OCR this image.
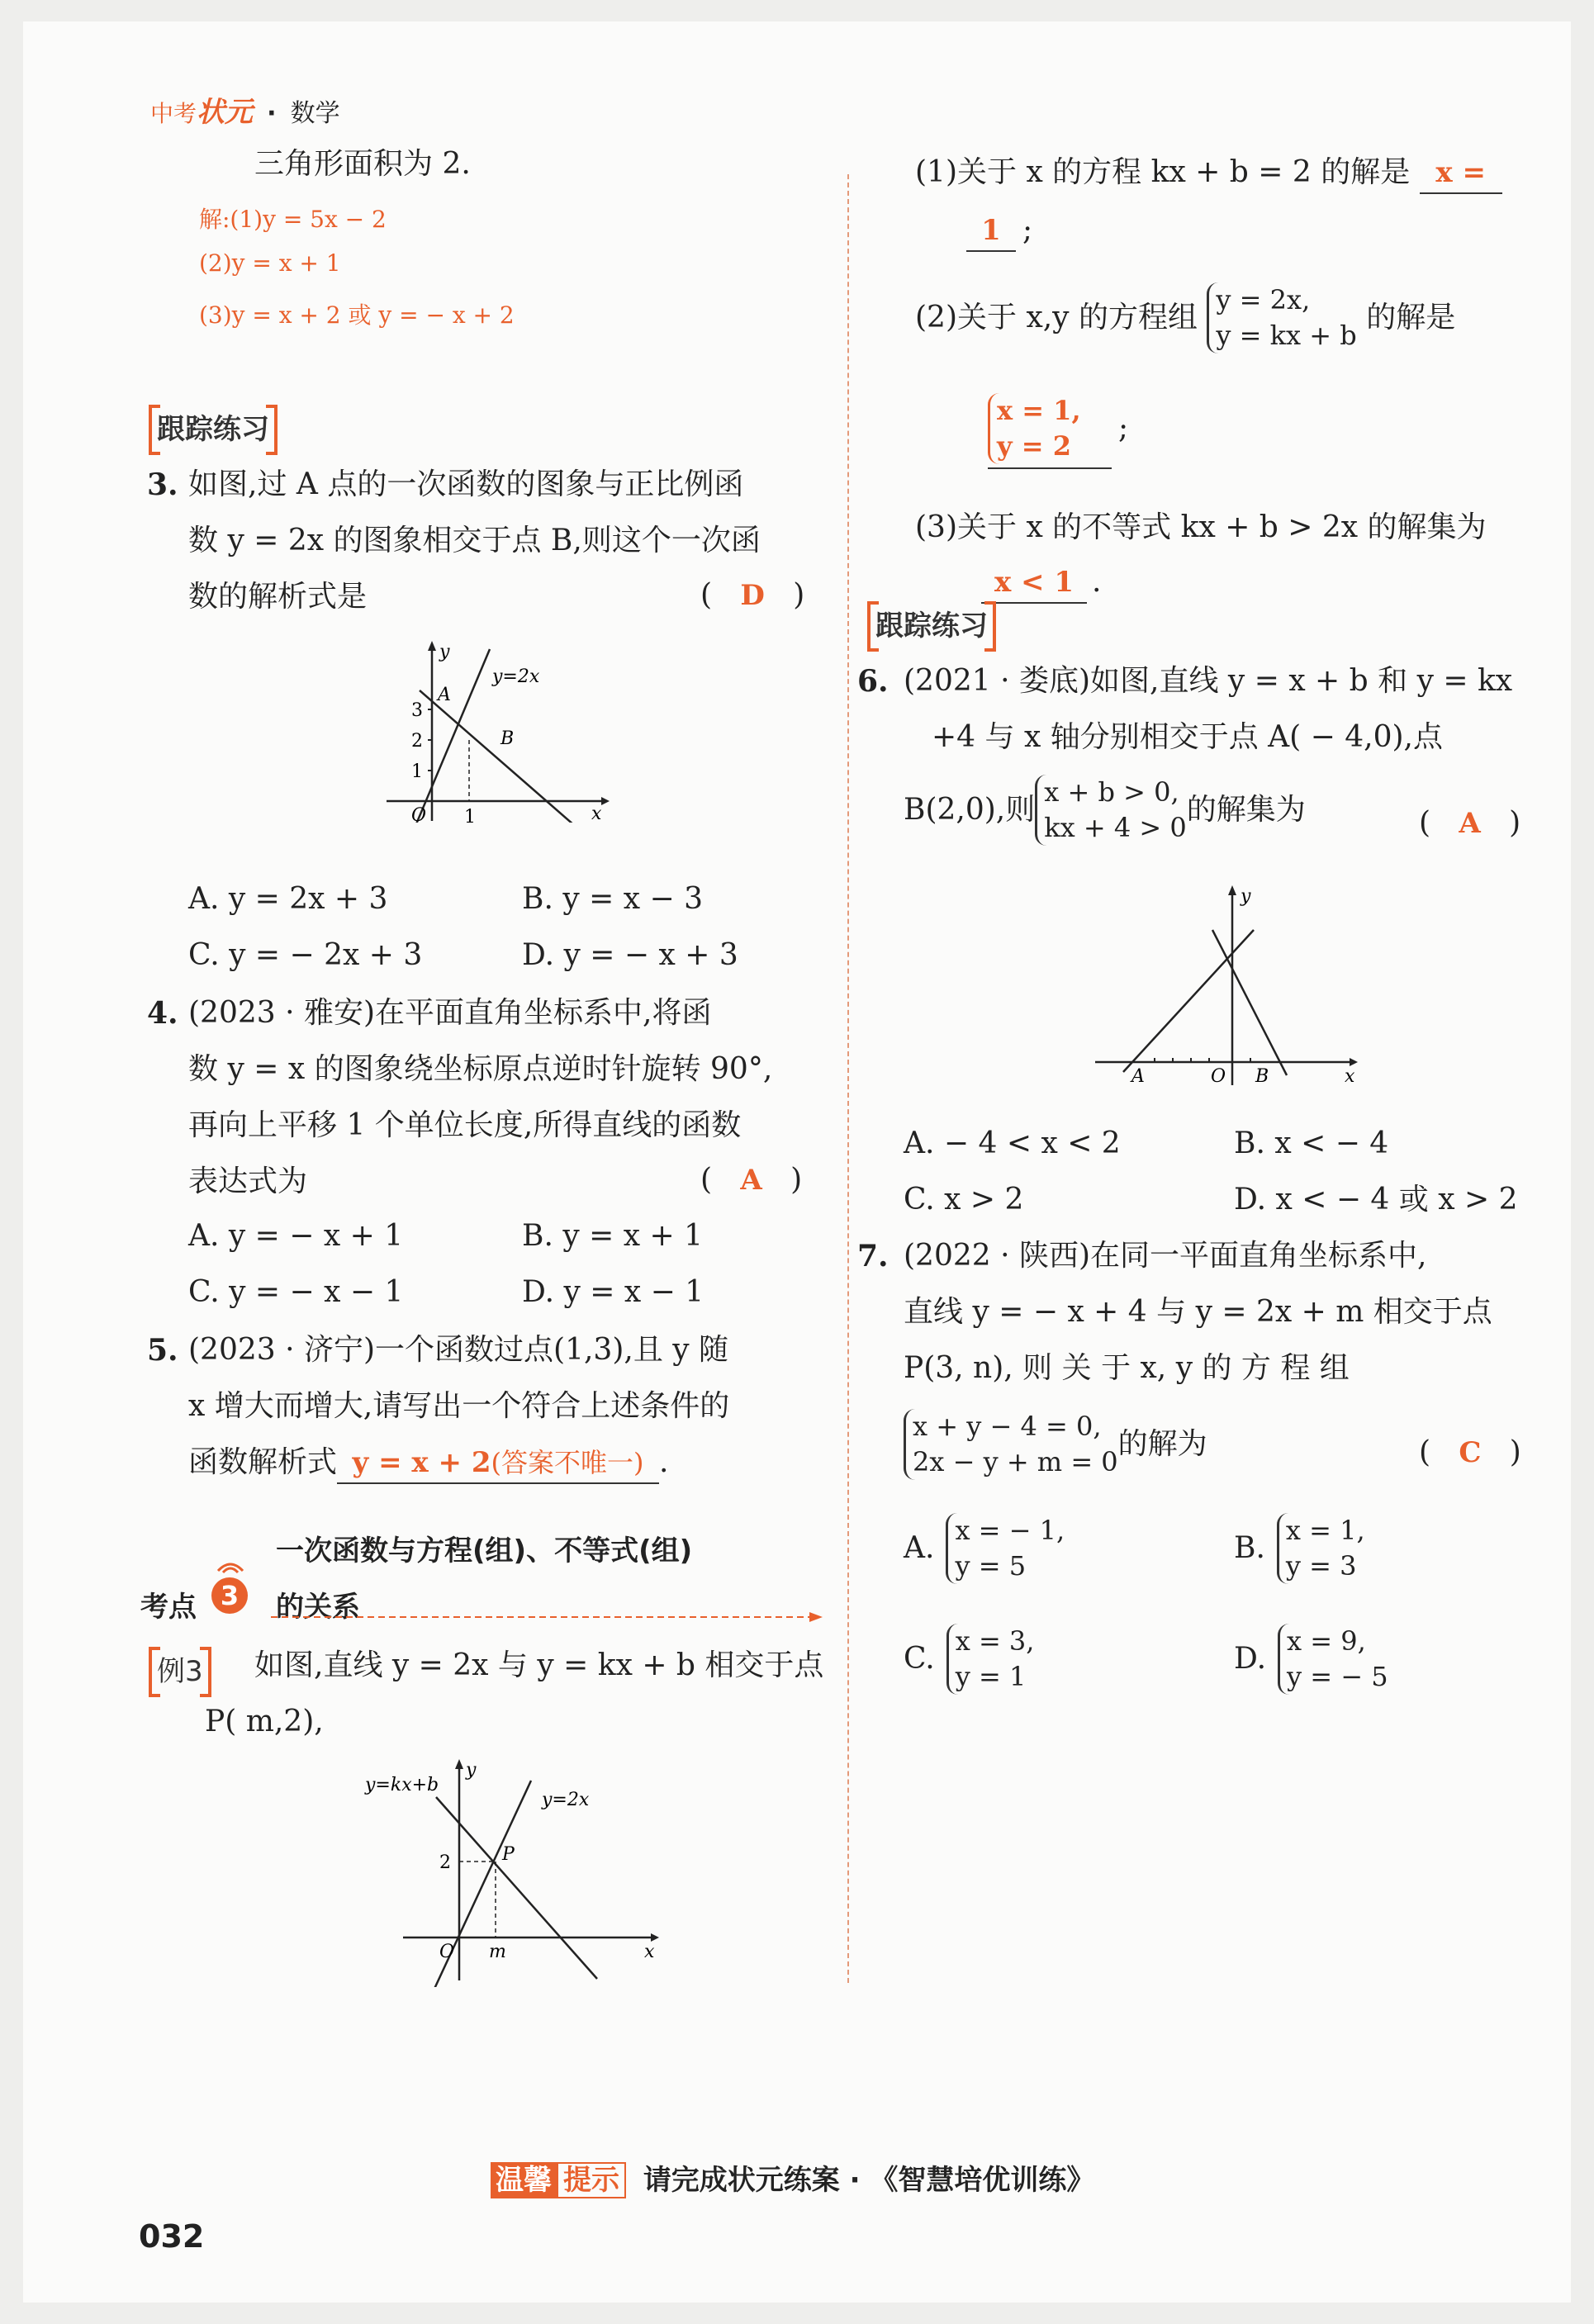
中考状元 · 数学
三角形面积为 2.
解:(1)y = 5x − 2
(2)y = x + 1
(3)y = x + 2 或 y = − x + 2
跟踪练习
3. 如图,过 A 点的一次函数的图象与正比例函
数 y = 2x 的图象相交于点 B,则这个一次函
数的解析式是	(   D   )
y
x
y=2x
A
B
O
3
2
1
1
A. y = 2x + 3	B. y = x − 3
C. y = − 2x + 3	D. y = − x + 3
4. (2023 · 雅安)在平面直角坐标系中,将函
数 y = x 的图象绕坐标原点逆时针旋转 90°,
再向上平移 1 个单位长度,所得直线的函数
表达式为	(   A   )
A. y = − x + 1	B. y = x + 1
C. y = − x − 1	D. y = x − 1
5. (2023 · 济宁)一个函数过点(1,3),且 y 随
x 增大而增大,请写出一个符合上述条件的
函数解析式 y = x + 2(答案不唯一) .
考点 3
一次函数与方程(组)、不等式(组)
的关系
例3 如图,直线 y = 2x 与 y = kx + b 相交于点
P( m,2),
y=kx+b
y=2x
y
x
P
O
2
m
(1)关于 x 的方程 kx + b = 2 的解是 x =
1 ;
(2)关于 x,y 的方程组
y = 2x,
y = kx + b
的解是
x = 1,
y = 2
;
(3)关于 x 的不等式 kx + b > 2x 的解集为
x < 1 .
跟踪练习
6. (2021 · 娄底)如图,直线 y = x + b 和 y = kx
+4 与 x 轴分别相交于点 A( − 4,0),点
B(2,0),则
x + b > 0,
kx + 4 > 0
的解集为	(   A   )
y
x
A	O B
A. − 4 < x < 2	B. x < − 4
C. x > 2	D. x < − 4 或 x > 2
7. (2022 · 陕西)在同一平面直角坐标系中,
直线 y = − x + 4 与 y = 2x + m 相交于点
P(3, n), 则 关 于 x, y 的 方 程 组
x + y − 4 = 0,
2x − y + m = 0
的解为	(   C   )
A.
x = − 1,
y = 5
B.
x = 1,
y = 3
C.
x = 3,
y = 1
D.
x = 9,
y = − 5
温馨 提示 请完成状元练案 · 《智慧培优训练》
032
